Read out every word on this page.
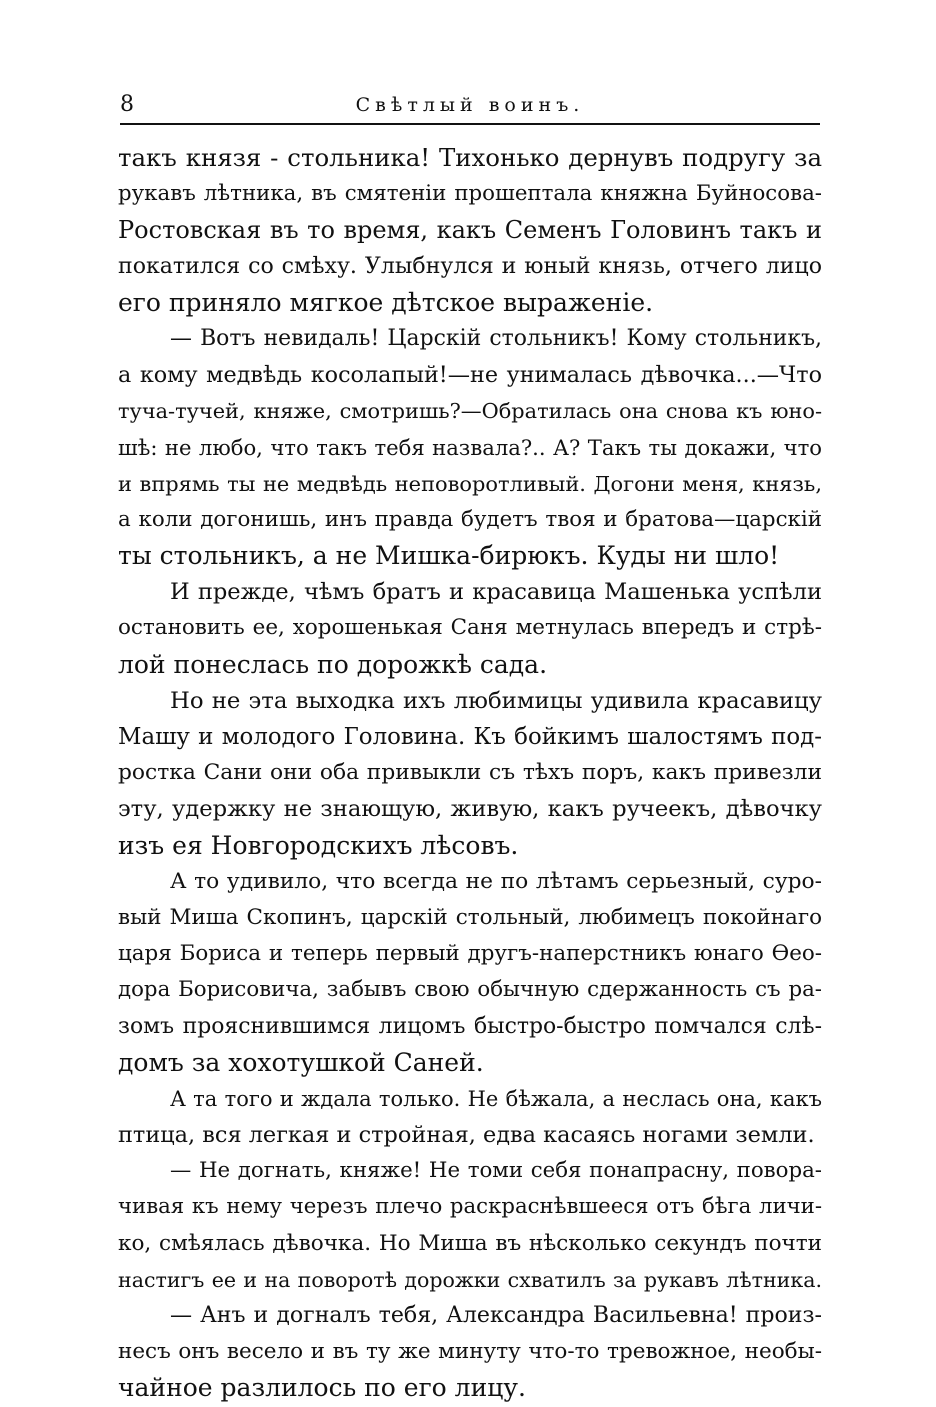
8	Свѣтлый воинъ.
такъ князя - стольника! Тихонько дернувъ подругу за
рукавъ лѣтника, въ смятеніи прошептала княжна Буйносова-
Ростовская въ то время, какъ Семенъ Головинъ такъ и
покатился со смѣху. Улыбнулся и юный князь, отчего лицо
его приняло мягкое дѣтское выраженіе.
— Вотъ невидаль! Царскій стольникъ! Кому стольникъ,
а кому медвѣдь косолапый!—не унималась дѣвочка...—Что
туча-тучей, княже, смотришь?—Обратилась она снова къ юно-
шѣ: не любо, что такъ тебя назвала?.. А? Такъ ты докажи, что
и впрямь ты не медвѣдь неповоротливый. Догони меня, князь,
а коли догонишь, инъ правда будетъ твоя и братова—царскій
ты стольникъ, а не Мишка-бирюкъ. Куды ни шло!
И прежде, чѣмъ братъ и красавица Машенька успѣли
остановить ее, хорошенькая Саня метнулась впередъ и стрѣ-
лой понеслась по дорожкѣ сада.
Но не эта выходка ихъ любимицы удивила красавицу
Машу и молодого Головина. Къ бойкимъ шалостямъ под-
ростка Сани они оба привыкли съ тѣхъ поръ, какъ привезли
эту, удержку не знающую, живую, какъ ручеекъ, дѣвочку
изъ ея Новгородскихъ лѣсовъ.
А то удивило, что всегда не по лѣтамъ серьезный, суро-
вый Миша Скопинъ, царскій стольный, любимецъ покойнаго
царя Бориса и теперь первый другъ-наперстникъ юнаго Ѳео-
дора Борисовича, забывъ свою обычную сдержанность съ ра-
зомъ прояснившимся лицомъ быстро-быстро помчался слѣ-
домъ за хохотушкой Саней.
А та того и ждала только. Не бѣжала, а неслась она, какъ
птица, вся легкая и стройная, едва касаясь ногами земли.
— Не догнать, княже! Не томи себя понапрасну, повора-
чивая къ нему черезъ плечо раскраснѣвшееся отъ бѣга личи-
ко, смѣялась дѣвочка. Но Миша въ нѣсколько секундъ почти
настигъ ее и на поворотѣ дорожки схватилъ за рукавъ лѣтника.
— Анъ и догналъ тебя, Александра Васильевна! произ-
несъ онъ весело и въ ту же минуту что-то тревожное, необы-
чайное разлилось по его лицу.
